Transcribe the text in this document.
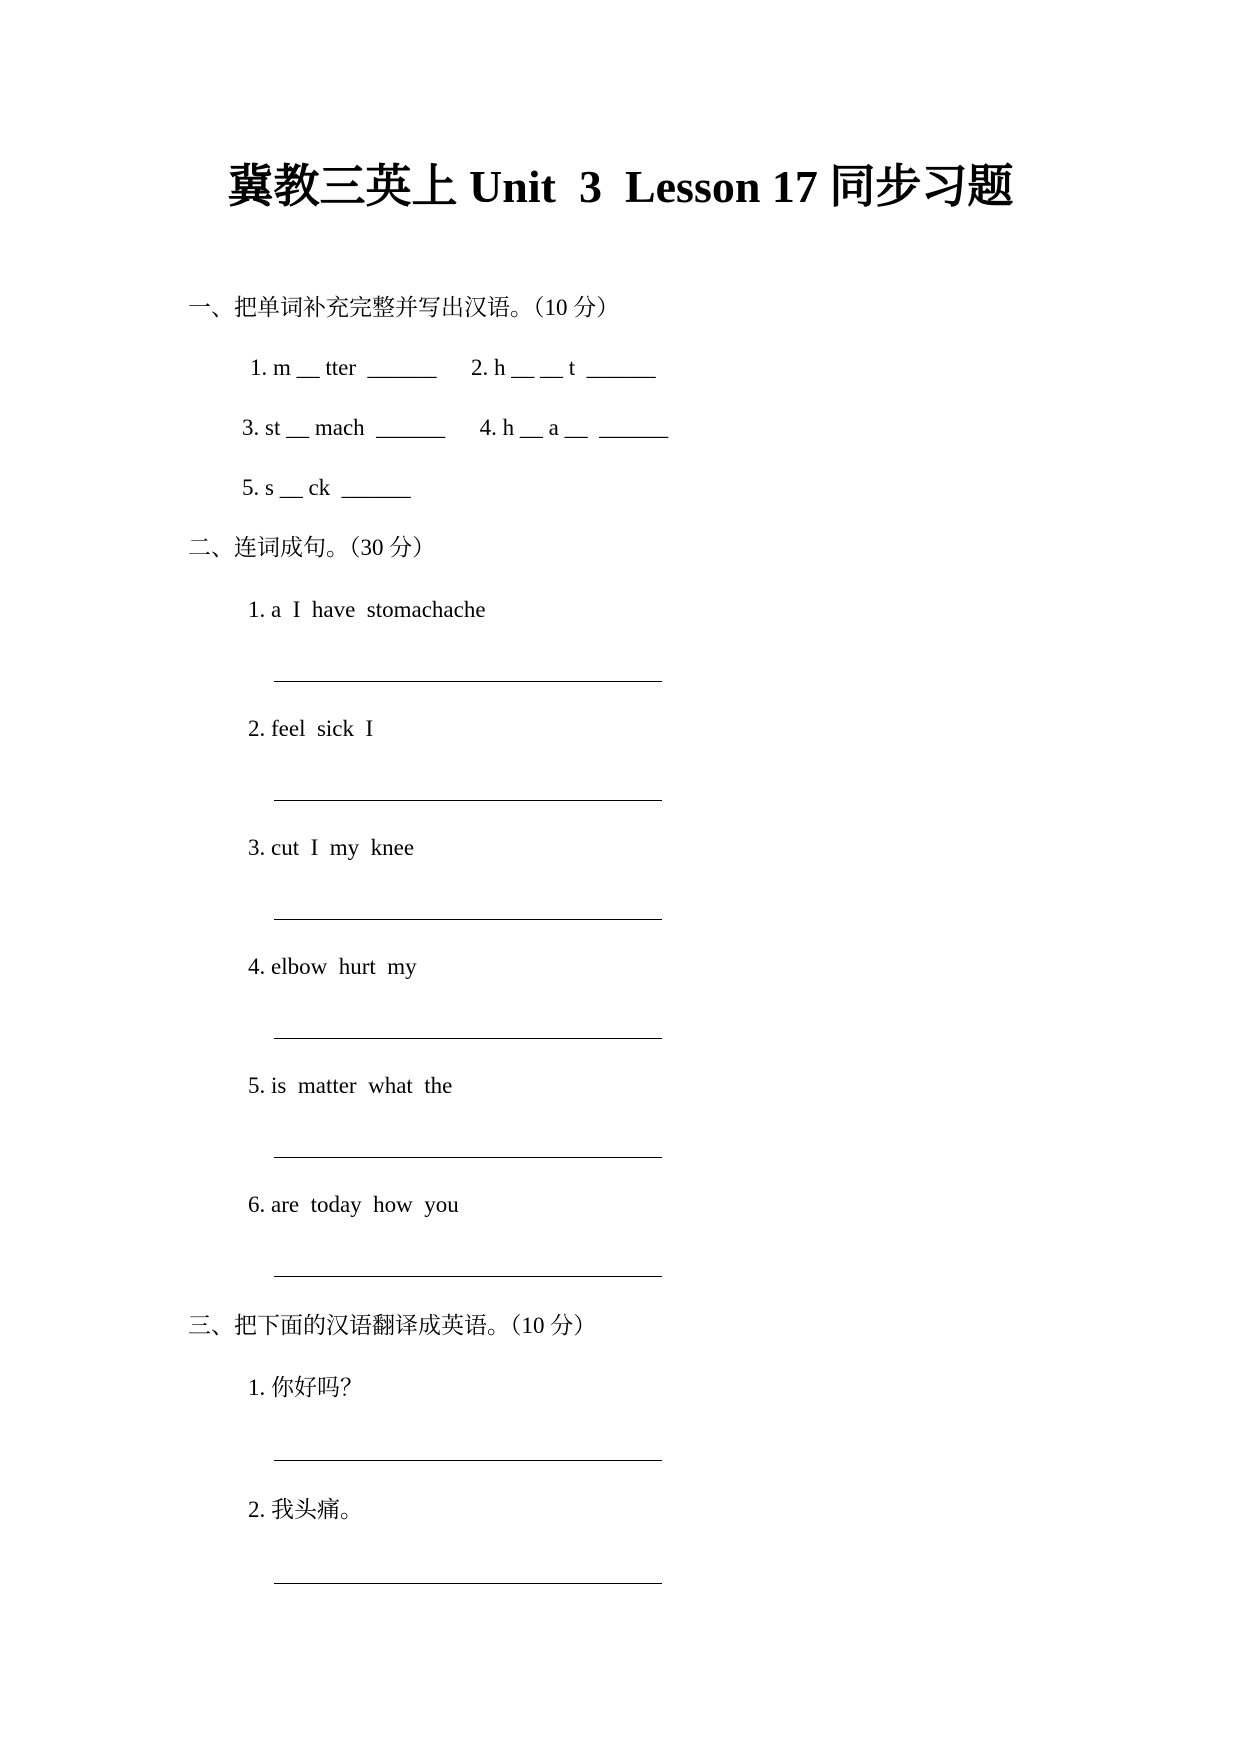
冀教三英上 Unit  3  Lesson 17 同步习题
一、把单词补充完整并写出汉语。（10 分）
1. m __ tter  ______      2. h __ __ t  ______
3. st __ mach  ______      4. h __ a __  ______
5. s __ ck  ______
二、连词成句。（30 分）
1. a  I  have  stomachache
2. feel  sick  I
3. cut  I  my  knee
4. elbow  hurt  my
5. is  matter  what  the
6. are  today  how  you
三、把下面的汉语翻译成英语。（10 分）
1. 你好吗？
2. 我头痛。
